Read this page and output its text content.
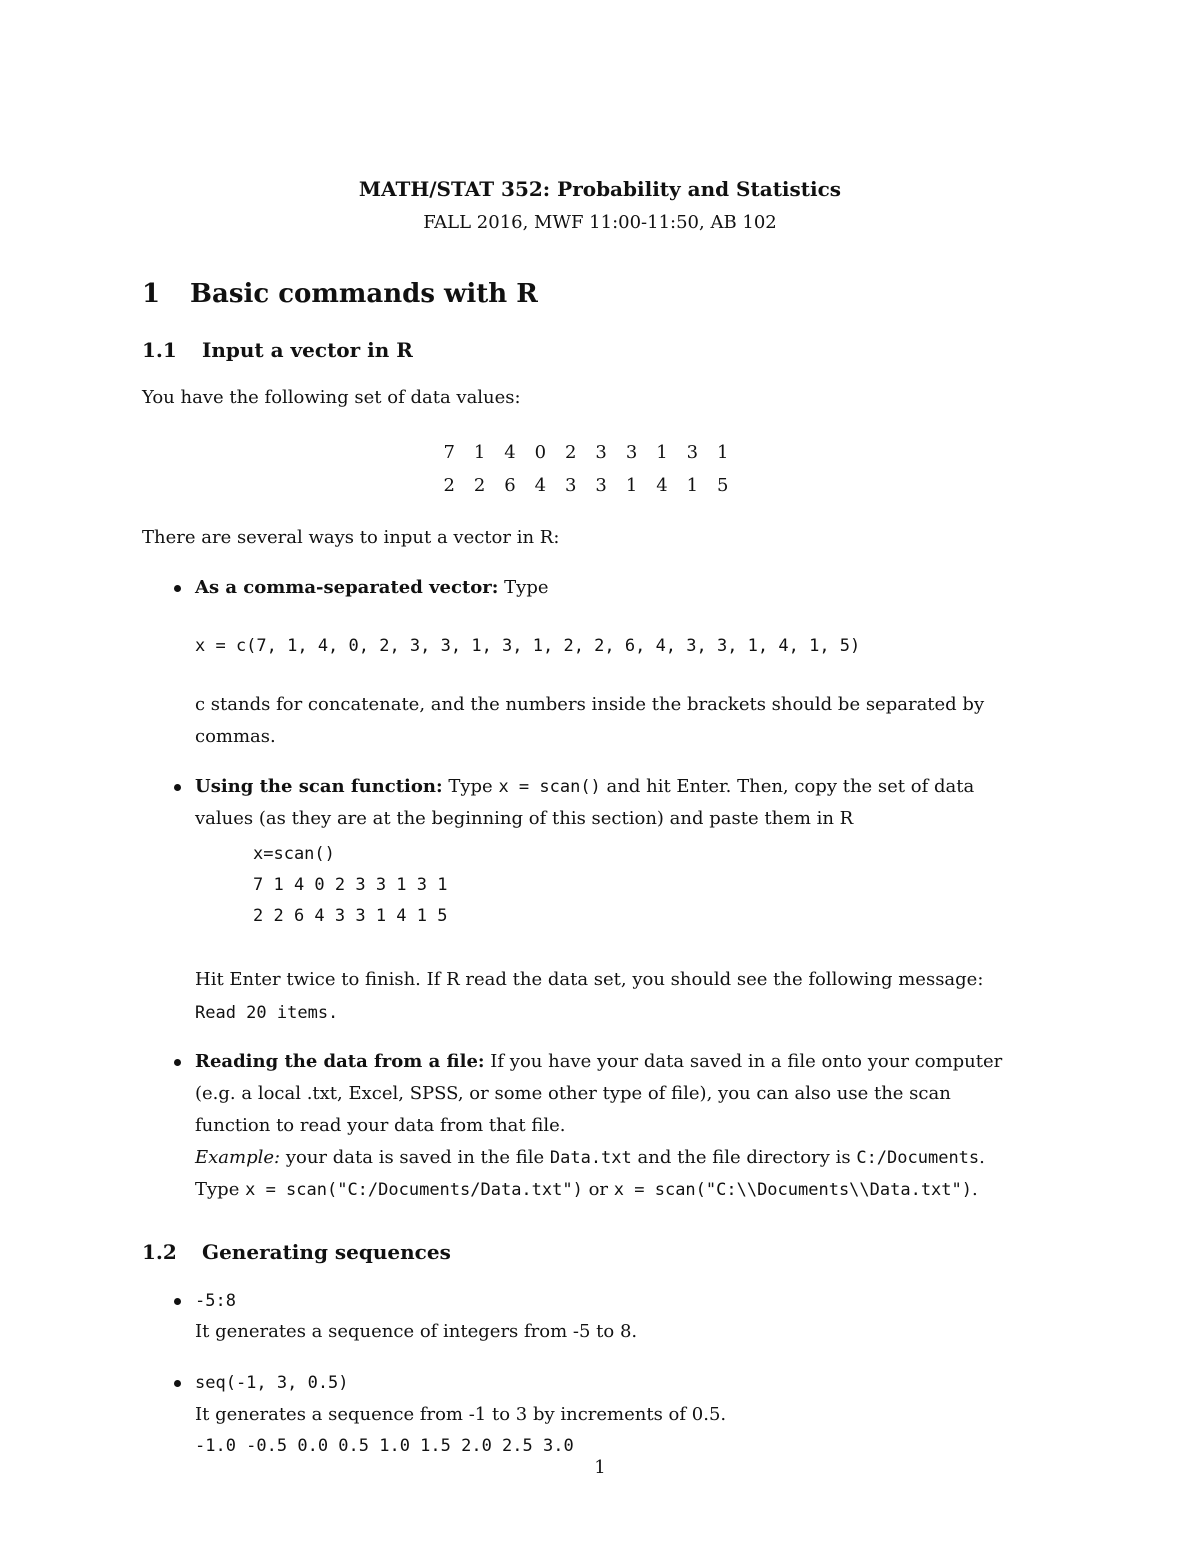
MATH/STAT 352: Probability and Statistics
FALL 2016, MWF 11:00-11:50, AB 102
1 Basic commands with R
1.1 Input a vector in R
You have the following set of data values:
7	1	4	0	2	3	3	1	3	1
2	2	6	4	3	3	1	4	1	5
There are several ways to input a vector in R:
As a comma-separated vector: Type
x = c(7, 1, 4, 0, 2, 3, 3, 1, 3, 1, 2, 2, 6, 4, 3, 3, 1, 4, 1, 5)
c stands for concatenate, and the numbers inside the brackets should be separated by
commas.
Using the scan function: Type x = scan() and hit Enter. Then, copy the set of data
values (as they are at the beginning of this section) and paste them in R
x=scan()
7 1 4 0 2 3 3 1 3 1
2 2 6 4 3 3 1 4 1 5
Hit Enter twice to finish. If R read the data set, you should see the following message:
Read 20 items.
Reading the data from a file: If you have your data saved in a file onto your computer
(e.g. a local .txt, Excel, SPSS, or some other type of file), you can also use the scan
function to read your data from that file.
Example: your data is saved in the file Data.txt and the file directory is C:/Documents.
Type x = scan("C:/Documents/Data.txt") or x = scan("C:\\Documents\\Data.txt").
1.2 Generating sequences
-5:8
It generates a sequence of integers from -5 to 8.
seq(-1, 3, 0.5)
It generates a sequence from -1 to 3 by increments of 0.5.
-1.0 -0.5 0.0 0.5 1.0 1.5 2.0 2.5 3.0
1
